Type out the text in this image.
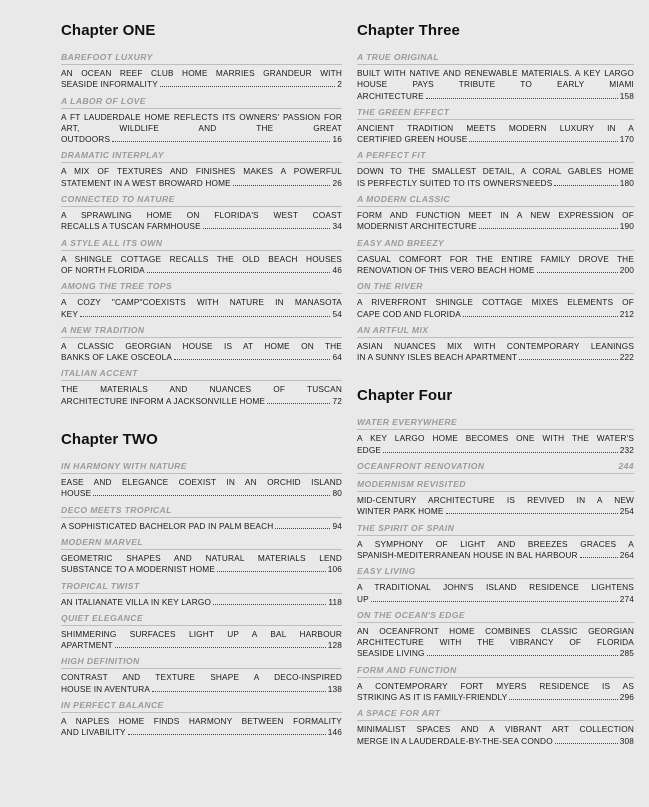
Chapter ONE
BAREFOOT LUXURY
AN OCEAN REEF CLUB HOME MARRIES GRANDEUR WITH
SEASIDE INFORMALITY	2
A LABOR OF LOVE
A FT LAUDERDALE HOME REFLECTS ITS OWNERS' PASSION FOR ART, WILDLIFE AND THE GREAT
OUTDOORS	16
DRAMATIC INTERPLAY
A MIX OF TEXTURES AND FINISHES MAKES A POWERFUL
STATEMENT IN A WEST BROWARD HOME	26
CONNECTED TO NATURE
A SPRAWLING HOME ON FLORIDA'S WEST COAST
RECALLS A TUSCAN FARMHOUSE	34
A STYLE ALL ITS OWN
A SHINGLE COTTAGE RECALLS THE OLD BEACH HOUSES
OF NORTH FLORIDA	46
AMONG THE TREE TOPS
A COZY "CAMP"COEXISTS WITH NATURE IN MANASOTA
KEY	54
A NEW TRADITION
A CLASSIC GEORGIAN HOUSE IS AT HOME ON THE
BANKS OF LAKE OSCEOLA	64
ITALIAN ACCENT
THE MATERIALS AND NUANCES OF TUSCAN
ARCHITECTURE INFORM A JACKSONVILLE HOME	72
Chapter TWO
IN HARMONY WITH NATURE
EASE AND ELEGANCE COEXIST IN AN ORCHID ISLAND
HOUSE	80
DECO MEETS TROPICAL
A SOPHISTICATED BACHELOR PAD IN PALM BEACH	94
MODERN MARVEL
GEOMETRIC SHAPES AND NATURAL MATERIALS LEND
SUBSTANCE TO A MODERNIST HOME	106
TROPICAL TWIST
AN ITALIANATE VILLA IN KEY LARGO	118
QUIET ELEGANCE
SHIMMERING SURFACES LIGHT UP A BAL HARBOUR
APARTMENT	128
HIGH DEFINITION
CONTRAST AND TEXTURE SHAPE A DECO-INSPIRED
HOUSE IN AVENTURA	138
IN PERFECT BALANCE
A NAPLES HOME FINDS HARMONY BETWEEN FORMALITY
AND LIVABILITY	146
Chapter Three
A TRUE ORIGINAL
BUILT WITH NATIVE AND RENEWABLE MATERIALS. A KEY LARGO HOUSE PAYS TRIBUTE TO EARLY MIAMI
ARCHITECTURE	158
THE GREEN EFFECT
ANCIENT TRADITION MEETS MODERN LUXURY IN A
CERTIFIED GREEN HOUSE	170
A PERFECT FIT
DOWN TO THE SMALLEST DETAIL, A CORAL GABLES HOME
IS PERFECTLY SUITED TO ITS OWNERS'NEEDS	180
A MODERN CLASSIC
FORM AND FUNCTION MEET IN A NEW EXPRESSION OF
MODERNIST ARCHITECTURE	190
EASY AND BREEZY
CASUAL COMFORT FOR THE ENTIRE FAMILY DROVE THE
RENOVATION OF THIS VERO BEACH HOME	200
ON THE RIVER
A RIVERFRONT SHINGLE COTTAGE MIXES ELEMENTS OF
CAPE COD AND FLORIDA	212
AN ARTFUL MIX
ASIAN NUANCES MIX WITH CONTEMPORARY LEANINGS
IN A SUNNY ISLES BEACH APARTMENT	222
Chapter Four
WATER EVERYWHERE
A KEY LARGO HOME BECOMES ONE WITH THE WATER'S
EDGE	232
OCEANFRONT RENOVATION	244
MODERNISM REVISITED
MID-CENTURY ARCHITECTURE IS REVIVED IN A NEW
WINTER PARK HOME	254
THE SPIRIT OF SPAIN
A SYMPHONY OF LIGHT AND BREEZES GRACES A
SPANISH-MEDITERRANEAN HOUSE IN BAL HARBOUR	264
EASY LIVING
A TRADITIONAL JOHN'S ISLAND RESIDENCE LIGHTENS
UP	274
ON THE OCEAN'S EDGE
AN OCEANFRONT HOME COMBINES CLASSIC GEORGIAN ARCHITECTURE WITH THE VIBRANCY OF FLORIDA
SEASIDE LIVING	285
FORM AND FUNCTION
A CONTEMPORARY FORT MYERS RESIDENCE IS AS
STRIKING AS IT IS FAMILY-FRIENDLY	296
A SPACE FOR ART
MINIMALIST SPACES AND A VIBRANT ART COLLECTION
MERGE IN A LAUDERDALE-BY-THE-SEA CONDO	308
